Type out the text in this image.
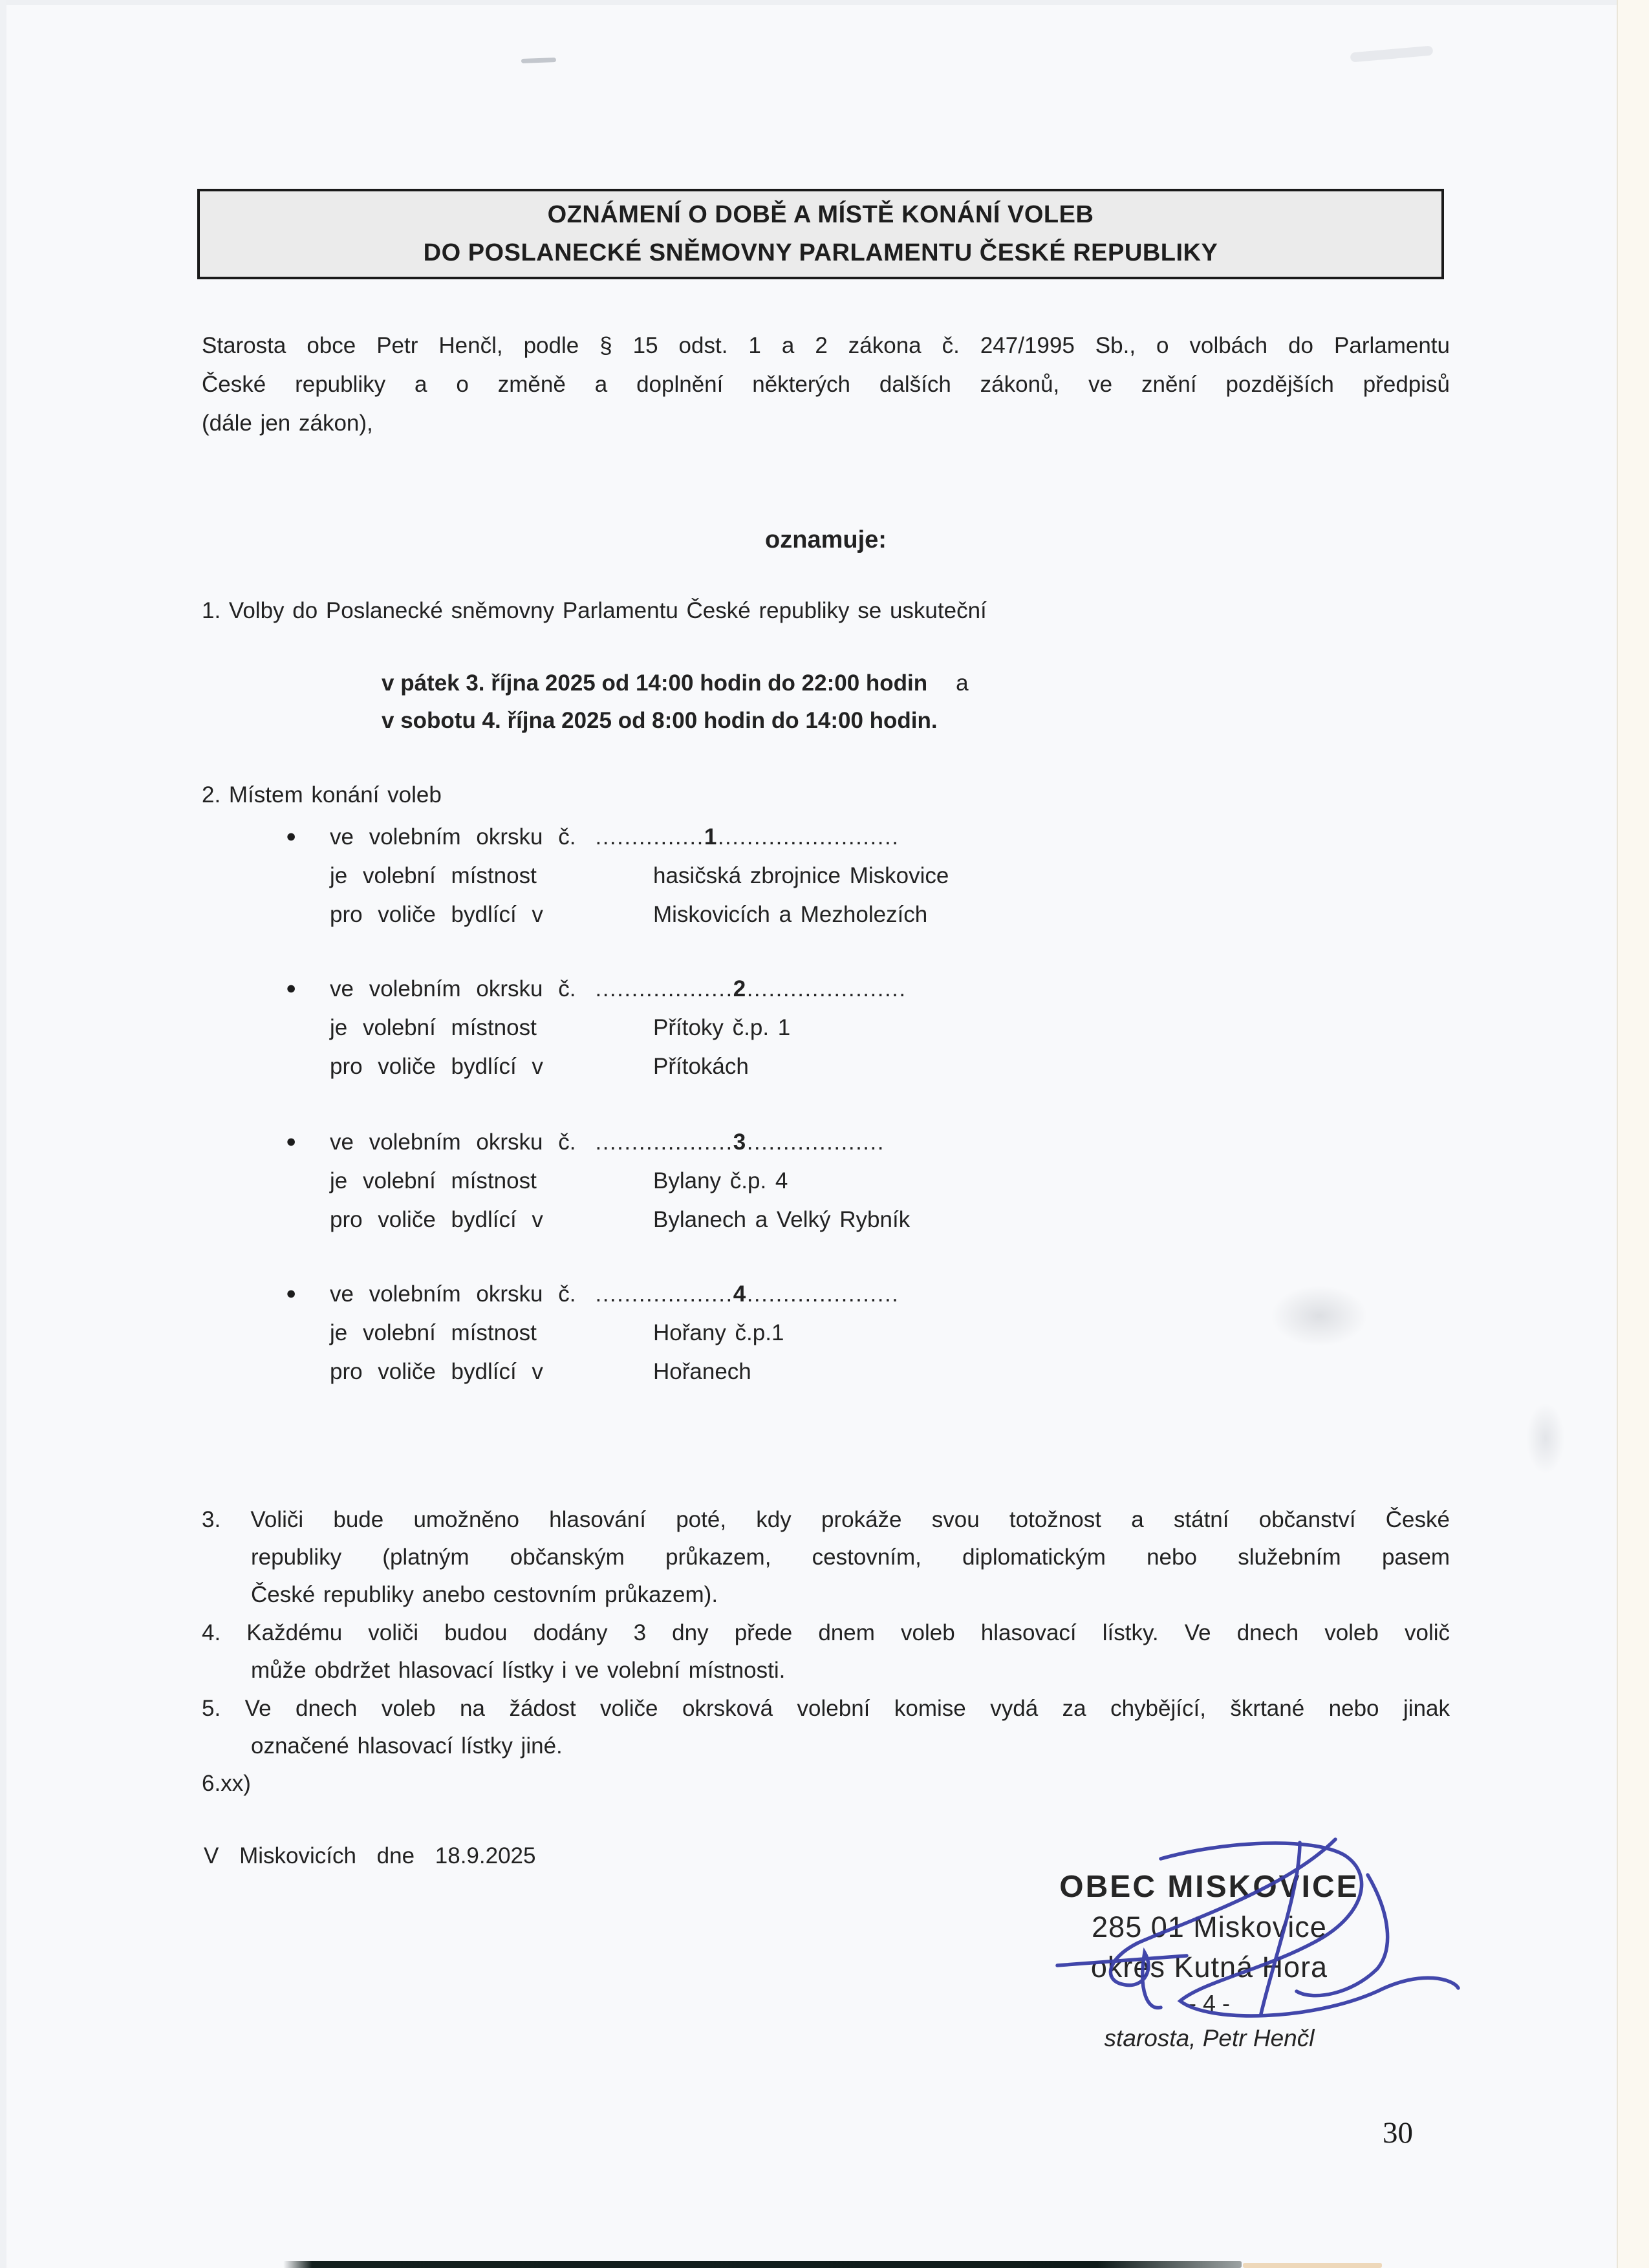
OZNÁMENÍ O DOBĚ A MÍSTĚ KONÁNÍ VOLEB
DO POSLANECKÉ SNĚMOVNY PARLAMENTU ČESKÉ REPUBLIKY
Starosta obce Petr Henčl, podle § 15 odst. 1 a 2 zákona č. 247/1995 Sb., o volbách do Parlamentu
České republiky a o změně a doplnění některých dalších zákonů, ve znění pozdějších předpisů
(dále jen zákon),
oznamuje:
1. Volby do Poslanecké sněmovny Parlamentu České republiky se uskuteční
v pátek 3. října 2025 od 14:00 hodin do 22:00 hodin a
v sobotu 4. října 2025 od 8:00 hodin do 14:00 hodin.
2. Místem konání voleb
● ve volebním okrsku č. ...............1.........................
je volební místnost	hasičská zbrojnice Miskovice
pro voliče bydlící v	Miskovicích a Mezholezích
● ve volebním okrsku č. ...................2......................
je volební místnost	Přítoky č.p. 1
pro voliče bydlící v	Přítokách
● ve volebním okrsku č. ...................3...................
je volební místnost	Bylany č.p. 4
pro voliče bydlící v	Bylanech a Velký Rybník
● ve volebním okrsku č. ...................4.....................
je volební místnost	Hořany č.p.1
pro voliče bydlící v	Hořanech
3. Voliči bude umožněno hlasování poté, kdy prokáže svou totožnost a státní občanství České
republiky (platným občanským průkazem, cestovním, diplomatickým nebo služebním pasem
České republiky anebo cestovním průkazem).
4. Každému voliči budou dodány 3 dny přede dnem voleb hlasovací lístky. Ve dnech voleb volič
může obdržet hlasovací lístky i ve volební místnosti.
5. Ve dnech voleb na žádost voliče okrsková volební komise vydá za chybějící, škrtané nebo jinak
označené hlasovací lístky jiné.
6.xx)
V Miskovicích dne 18.9.2025
OBEC MISKOVICE
285 01 Miskovice
okres Kutná Hora
- 4 -
starosta, Petr Henčl
30
